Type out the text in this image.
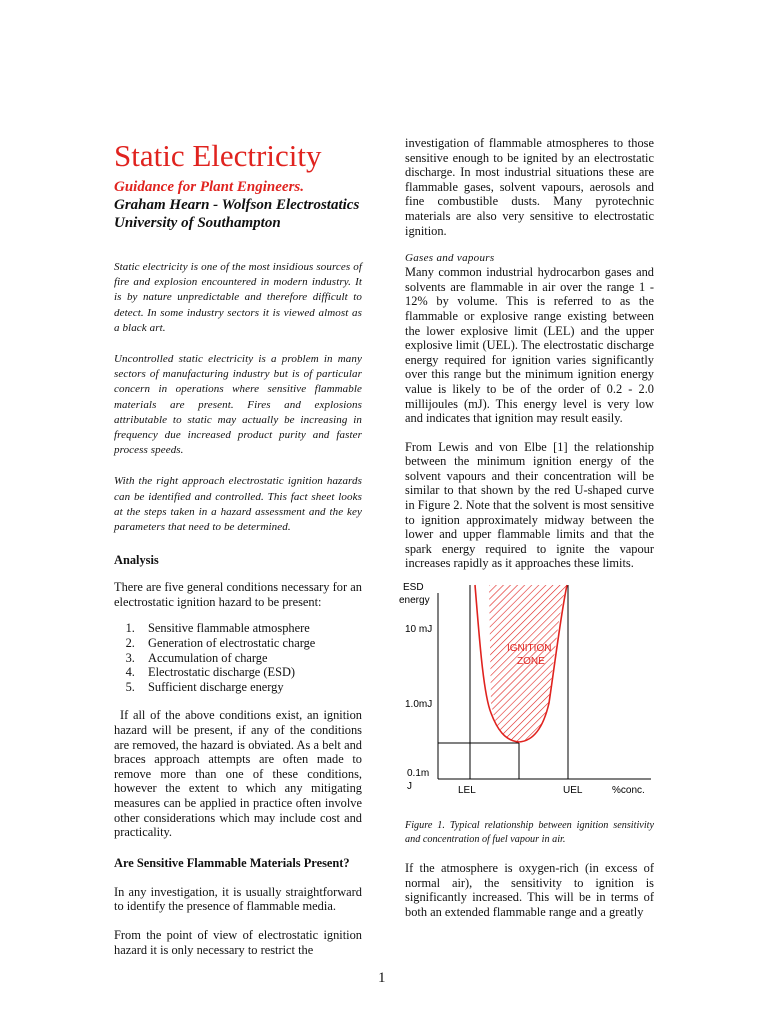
Static Electricity

Guidance for Plant Engineers.

Graham Hearn - Wolfson Electrostatics

University of Southampton

Static electricity is one of the most insidious sources of fire and explosion encountered in modern industry. It is by nature unpredictable and therefore difficult to detect. In some industry sectors it is viewed almost as a black art.

Uncontrolled static electricity is a problem in many sectors of manufacturing industry but is of particular concern in operations where sensitive flammable materials are present. Fires and explosions attributable to static may actually be increasing in frequency due increased product purity and faster process speeds.

With the right approach electrostatic ignition hazards can be identified and controlled. This fact sheet looks at the steps taken in a hazard assessment and the key parameters that need to be determined.

Analysis

There are five general conditions necessary for an electrostatic ignition hazard to be present:

1. Sensitive flammable atmosphere
2. Generation of electrostatic charge
3. Accumulation of charge
4. Electrostatic discharge (ESD)
5. Sufficient discharge energy

If all of the above conditions exist, an ignition hazard will be present, if any of the conditions are removed, the hazard is obviated. As a belt and braces approach attempts are often made to remove more than one of these conditions, however the extent to which any mitigating measures can be applied in practice often involve other considerations which may include cost and practicality.

Are Sensitive Flammable Materials Present?

In any investigation, it is usually straightforward to identify the presence of flammable media.

From the point of view of electrostatic ignition hazard it is only necessary to restrict the

investigation of flammable atmospheres to those sensitive enough to be ignited by an electrostatic discharge. In most industrial situations these are flammable gases, solvent vapours, aerosols and fine combustible dusts. Many pyrotechnic materials are also very sensitive to electrostatic ignition.

Gases and vapours

Many common industrial hydrocarbon gases and solvents are flammable in air over the range 1 - 12% by volume. This is referred to as the flammable or explosive range existing between the lower explosive limit (LEL) and the upper explosive limit (UEL). The electrostatic discharge energy required for ignition varies significantly over this range but the minimum ignition energy value is likely to be of the order of 0.2 - 2.0 millijoules (mJ). This energy level is very low and indicates that ignition may result easily.

From Lewis and von Elbe [1] the relationship between the minimum ignition energy of the solvent vapours and their concentration will be similar to that shown by the red U-shaped curve in Figure 2. Note that the solvent is most sensitive to ignition approximately midway between the lower and upper flammable limits and that the spark energy required to ignite the vapour increases rapidly as it approaches these limits.

ESD
energy
10 mJ
1.0mJ
0.1m
J	LEL	UEL	%conc.
IGNITION
ZONE

Figure 1. Typical relationship between ignition sensitivity and concentration of fuel vapour in air.

If the atmosphere is oxygen-rich (in excess of normal air), the sensitivity to ignition is significantly increased. This will be in terms of both an extended flammable range and a greatly

1
